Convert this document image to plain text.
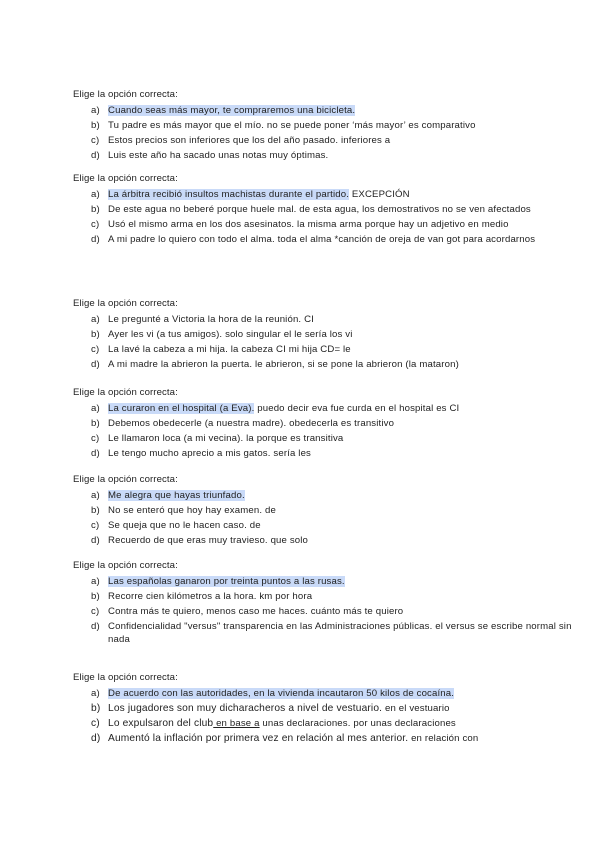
Elige la opción correcta:
a) Cuando seas más mayor, te compraremos una bicicleta.
b) Tu padre es más mayor que el mío. no se puede poner ‘más mayor’ es comparativo
c) Estos precios son inferiores que los del año pasado. inferiores a
d) Luis este año ha sacado unas notas muy óptimas.
Elige la opción correcta:
a) La árbitra recibió insultos machistas durante el partido. EXCEPCIÓN
b) De este agua no beberé porque huele mal. de esta agua, los demostrativos no se ven afectados
c) Usó el mismo arma en los dos asesinatos. la misma arma porque hay un adjetivo en medio
d) A mi padre lo quiero con todo el alma. toda el alma *canción de oreja de van got para acordarnos
Elige la opción correcta:
a) Le pregunté a Victoria la hora de la reunión. CI
b) Ayer les vi (a tus amigos). solo singular el le sería los vi
c) La lavé la cabeza a mi hija. la cabeza CI mi hija CD= le
d) A mi madre la abrieron la puerta. le abrieron, si se pone la abrieron (la mataron)
Elige la opción correcta:
a) La curaron en el hospital (a Eva). puedo decir eva fue curda en el hospital es CI
b) Debemos obedecerle (a nuestra madre). obedecerla es transitivo
c) Le llamaron loca (a mi vecina). la porque es transitiva
d) Le tengo mucho aprecio a mis gatos. sería les
Elige la opción correcta:
a) Me alegra que hayas triunfado.
b) No se enteró que hoy hay examen. de
c) Se queja que no le hacen caso. de
d) Recuerdo de que eras muy travieso. que solo
Elige la opción correcta:
a) Las españolas ganaron por treinta puntos a las rusas.
b) Recorre cien kilómetros a la hora. km por hora
c) Contra más te quiero, menos caso me haces. cuánto más te quiero
d) Confidencialidad "versus" transparencia en las Administraciones públicas. el versus se escribe normal sin nada
Elige la opción correcta:
a) De acuerdo con las autoridades, en la vivienda incautaron 50 kilos de cocaína.
b) Los jugadores son muy dicharacheros a nivel de vestuario. en el vestuario
c) Lo expulsaron del club en base a unas declaraciones. por unas declaraciones
d) Aumentó la inflación por primera vez en relación al mes anterior. en relación con
